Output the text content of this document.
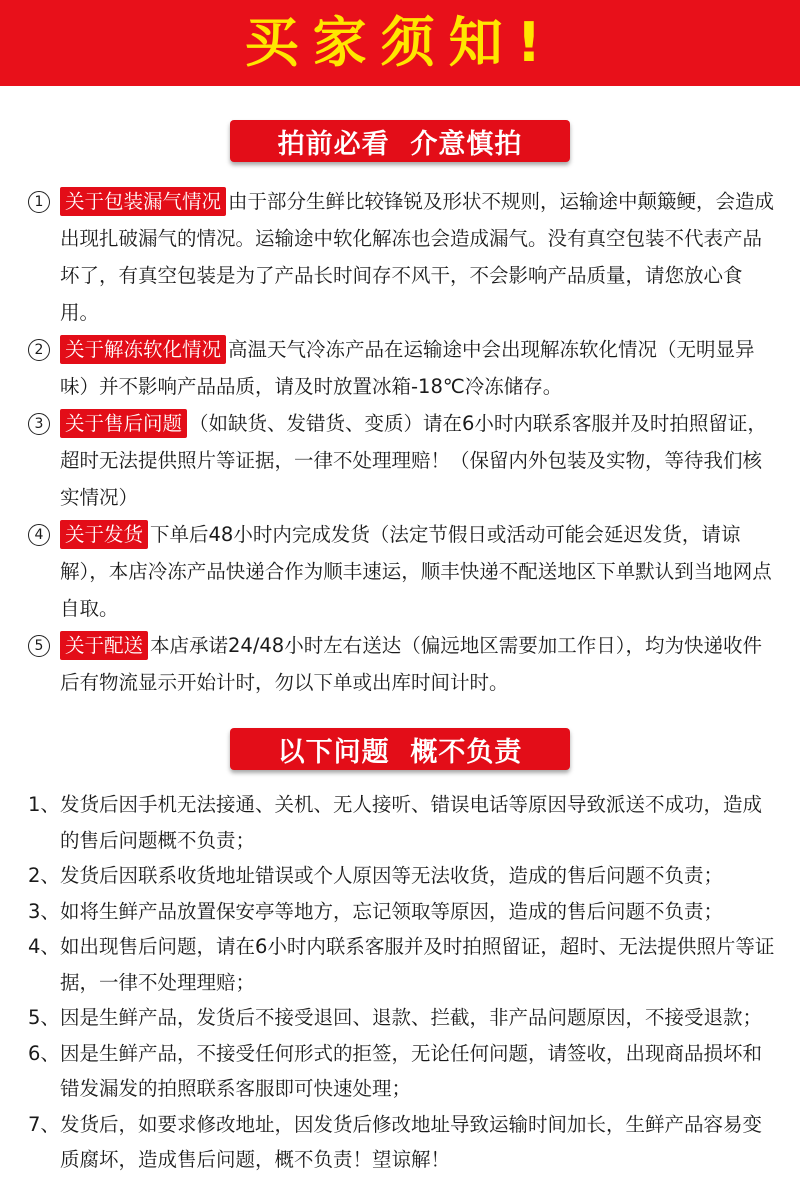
买家须知!
拍前必看  介意慎拍
1	关于包装漏气情况 由于部分生鲜比较锋锐及形状不规则，运输途中颠簸鲠，会造成出现扎破漏气的情况。运输途中软化解冻也会造成漏气。没有真空包装不代表产品坏了，有真空包装是为了产品长时间存不风干，不会影响产品质量，请您放心食用。
2	关于解冻软化情况 高温天气冷冻产品在运输途中会出现解冻软化情况（无明显异味）并不影响产品品质，请及时放置冰箱-18℃冷冻储存。
3	关于售后问题 （如缺货、发错货、变质）请在6小时内联系客服并及时拍照留证，超时无法提供照片等证据，一律不处理理赔！（保留内外包装及实物，等待我们核实情况）
4	关于发货 下单后48小时内完成发货（法定节假日或活动可能会延迟发货，请谅解），本店冷冻产品快递合作为顺丰速运，顺丰快递不配送地区下单默认到当地网点自取。
5	关于配送 本店承诺24/48小时左右送达（偏远地区需要加工作日），均为快递收件后有物流显示开始计时，勿以下单或出库时间计时。
以下问题  概不负责
1、 发货后因手机无法接通、关机、无人接听、错误电话等原因导致派送不成功，造成的售后问题概不负责；
2、 发货后因联系收货地址错误或个人原因等无法收货，造成的售后问题不负责；
3、 如将生鲜产品放置保安亭等地方，忘记领取等原因，造成的售后问题不负责；
4、 如出现售后问题，请在6小时内联系客服并及时拍照留证，超时、无法提供照片等证据，一律不处理理赔；
5、 因是生鲜产品，发货后不接受退回、退款、拦截，非产品问题原因，不接受退款；
6、 因是生鲜产品，不接受任何形式的拒签，无论任何问题，请签收，出现商品损坏和错发漏发的拍照联系客服即可快速处理；
7、 发货后，如要求修改地址，因发货后修改地址导致运输时间加长，生鲜产品容易变质腐坏，造成售后问题，概不负责！望谅解！
